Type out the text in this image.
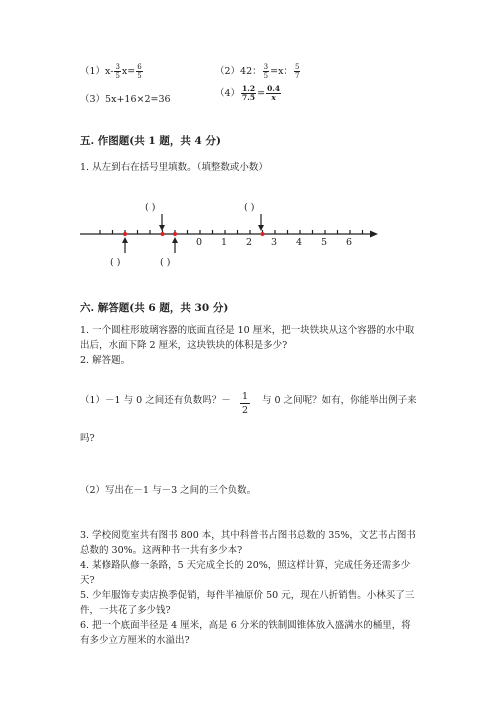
$(1)x- \frac{3}{5} x= \frac{6}{5}$	（2）42： $\frac{3}{5} =x$： $\frac{5}{7}$
（3）5x+16×2=36
$(4) \frac{1.2}{7.5} = \frac{0.4}{x}$
五. 作图题(共 1 题，共 4 分)
1. 从左到右在括号里填数。（填整数或小数）
( )	( )
( )	( )
0 1 2 3 4 5 6
六. 解答题(共 6 题，共 30 分)
1. 一个圆柱形玻璃容器的底面直径是 10 厘米，把一块铁块从这个容器的水中取
出后，水面下降 2 厘米，这块铁块的体积是多少?
2. 解答题。
（1）－1 与 0 之间还有负数吗？－ 1
2
与 0 之间呢？如有，你能举出例子来
吗?
（2）写出在－1 与－3 之间的三个负数。
3. 学校阅览室共有图书 800 本，其中科普书占图书总数的 35%，文艺书占图书
总数的 30%。这两种书一共有多少本?
4. 某修路队修一条路，5 天完成全长的 20%，照这样计算，完成任务还需多少
天?
5. 少年服饰专卖店换季促销，每件半袖原价 50 元，现在八折销售。小林买了三
件，一共花了多少钱?
6. 把一个底面半径是 4 厘米，高是 6 分米的铁制圆锥体放入盛满水的桶里，将
有多少立方厘米的水溢出?
